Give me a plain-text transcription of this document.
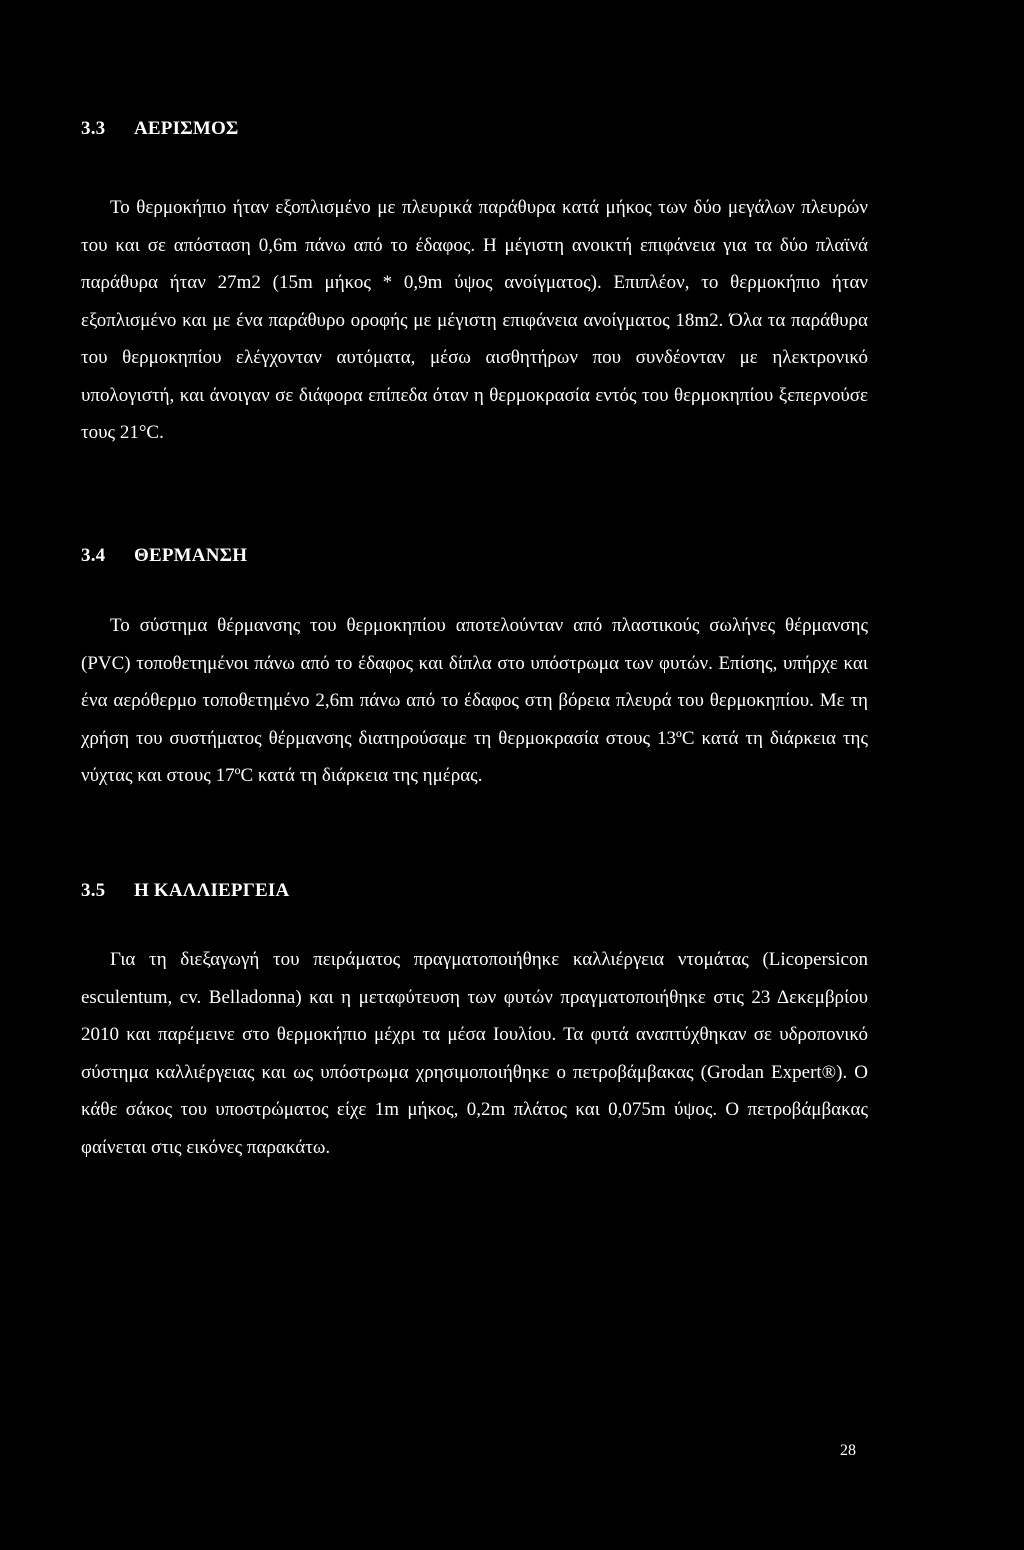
3.3 ΑΕΡΙΣΜΟΣ

Το θερμοκήπιο ήταν εξοπλισμένο με πλευρικά παράθυρα κατά μήκος των δύο μεγάλων πλευρών του και σε απόσταση 0,6m πάνω από το έδαφος. Η μέγιστη ανοικτή επιφάνεια για τα δύο πλαϊνά παράθυρα ήταν 27m2 (15m μήκος * 0,9m ύψος ανοίγματος). Επιπλέον, το θερμοκήπιο ήταν εξοπλισμένο και με ένα παράθυρο οροφής με μέγιστη επιφάνεια ανοίγματος 18m2. Όλα τα παράθυρα του θερμοκηπίου ελέγχονταν αυτόματα, μέσω αισθητήρων που συνδέονταν με ηλεκτρονικό υπολογιστή, και άνοιγαν σε διάφορα επίπεδα όταν η θερμοκρασία εντός του θερμοκηπίου ξεπερνούσε τους 21°C.

3.4 ΘΕΡΜΑΝΣΗ

Το σύστημα θέρμανσης του θερμοκηπίου αποτελούνταν από πλαστικούς σωλήνες θέρμανσης (PVC) τοποθετημένοι πάνω από το έδαφος και δίπλα στο υπόστρωμα των φυτών. Επίσης, υπήρχε και ένα αερόθερμο τοποθετημένο 2,6m πάνω από το έδαφος στη βόρεια πλευρά του θερμοκηπίου. Με τη χρήση του συστήματος θέρμανσης διατηρούσαμε τη θερμοκρασία στους 13ºC κατά τη διάρκεια της νύχτας και στους 17ºC κατά τη διάρκεια της ημέρας.

3.5 Η ΚΑΛΛΙΕΡΓΕΙΑ

Για τη διεξαγωγή του πειράματος πραγματοποιήθηκε καλλιέργεια ντομάτας (Licopersicon esculentum, cv. Belladonna) και η μεταφύτευση των φυτών πραγματοποιήθηκε στις 23 Δεκεμβρίου 2010 και παρέμεινε στο θερμοκήπιο μέχρι τα μέσα Ιουλίου. Τα φυτά αναπτύχθηκαν σε υδροπονικό σύστημα καλλιέργειας και ως υπόστρωμα χρησιμοποιήθηκε ο πετροβάμβακας (Grodan Expert®). Ο κάθε σάκος του υποστρώματος είχε 1m μήκος, 0,2m πλάτος και 0,075m ύψος. Ο πετροβάμβακας φαίνεται στις εικόνες παρακάτω.

28
